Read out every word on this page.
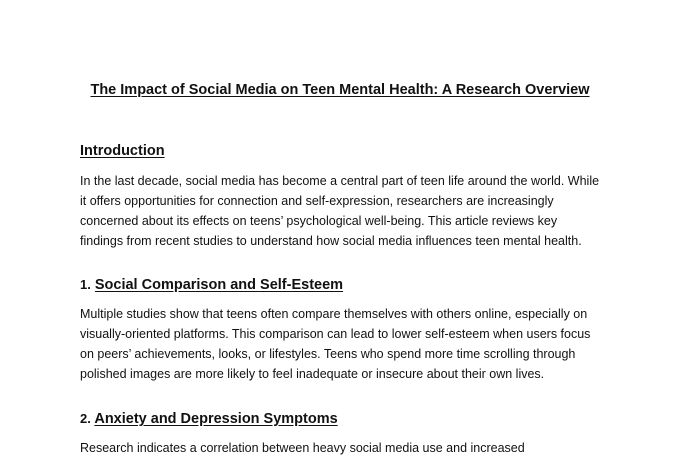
The Impact of Social Media on Teen Mental Health: A Research Overview
Introduction

In the last decade, social media has become a central part of teen life around the world. While it offers opportunities for connection and self-expression, researchers are increasingly concerned about its effects on teens’ psychological well-being. This article reviews key findings from recent studies to understand how social media influences teen mental health.

1. Social Comparison and Self-Esteem

Multiple studies show that teens often compare themselves with others online, especially on visually-oriented platforms. This comparison can lead to lower self-esteem when users focus on peers’ achievements, looks, or lifestyles. Teens who spend more time scrolling through polished images are more likely to feel inadequate or insecure about their own lives.

2. Anxiety and Depression Symptoms

Research indicates a correlation between heavy social media use and increased
